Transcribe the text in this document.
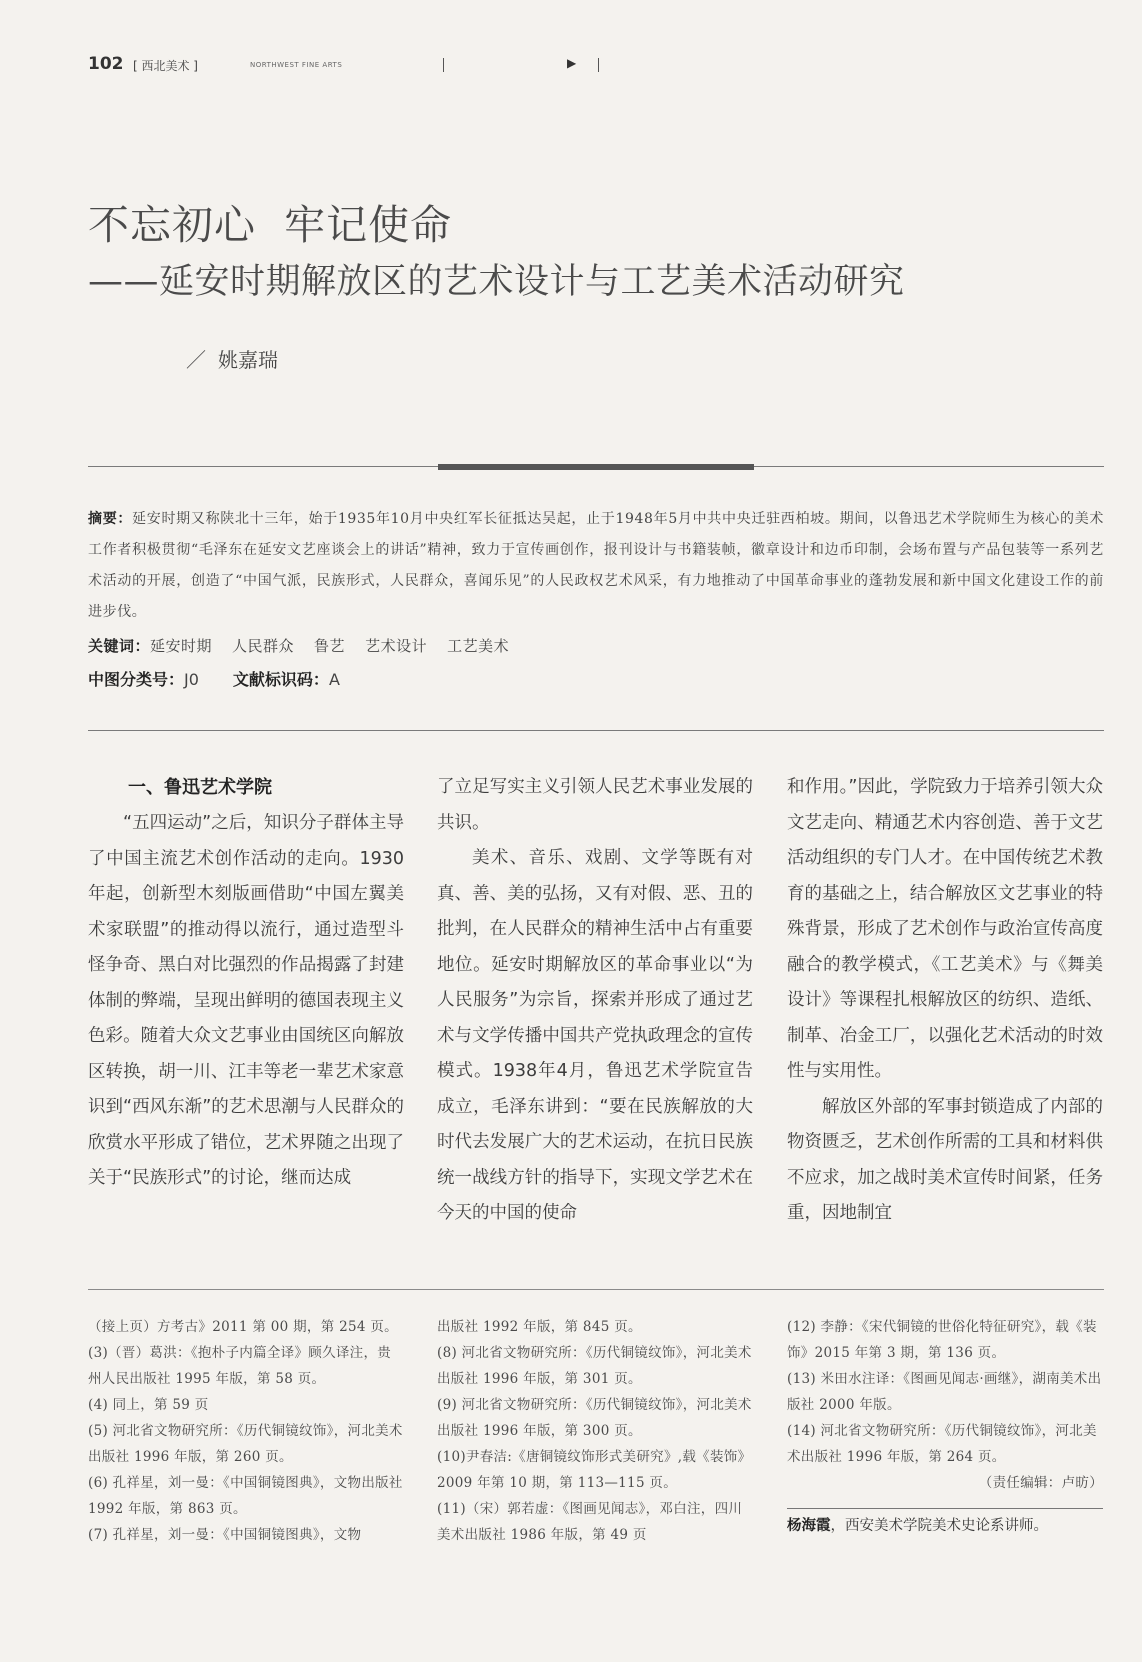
102 [ 西北美术 ]	NORTHWEST FINE ARTS	▶
不忘初心  牢记使命
——延安时期解放区的艺术设计与工艺美术活动研究
／ 姚嘉瑞
摘要：延安时期又称陕北十三年，始于1935年10月中央红军长征抵达吴起，止于1948年5月中共中央迁驻西柏坡。期间，以鲁迅艺术学院师生为核心的美术工作者积极贯彻“毛泽东在延安文艺座谈会上的讲话”精神，致力于宣传画创作，报刊设计与书籍装帧，徽章设计和边币印制，会场布置与产品包装等一系列艺术活动的开展，创造了“中国气派，民族形式，人民群众，喜闻乐见”的人民政权艺术风采，有力地推动了中国革命事业的蓬勃发展和新中国文化建设工作的前进步伐。
关键词：延安时期 人民群众 鲁艺 艺术设计 工艺美术
中图分类号：J0 文献标识码：A
一、鲁迅艺术学院

“五四运动”之后，知识分子群体主导了中国主流艺术创作活动的走向。1930年起，创新型木刻版画借助“中国左翼美术家联盟”的推动得以流行，通过造型斗怪争奇、黑白对比强烈的作品揭露了封建体制的弊端，呈现出鲜明的德国表现主义色彩。随着大众文艺事业由国统区向解放区转换，胡一川、江丰等老一辈艺术家意识到“西风东渐”的艺术思潮与人民群众的欣赏水平形成了错位，艺术界随之出现了关于“民族形式”的讨论，继而达成

了立足写实主义引领人民艺术事业发展的共识。

美术、音乐、戏剧、文学等既有对真、善、美的弘扬，又有对假、恶、丑的批判，在人民群众的精神生活中占有重要地位。延安时期解放区的革命事业以“为人民服务”为宗旨，探索并形成了通过艺术与文学传播中国共产党执政理念的宣传模式。1938年4月，鲁迅艺术学院宣告成立，毛泽东讲到：“要在民族解放的大时代去发展广大的艺术运动，在抗日民族统一战线方针的指导下，实现文学艺术在今天的中国的使命

和作用。”因此，学院致力于培养引领大众文艺走向、精通艺术内容创造、善于文艺活动组织的专门人才。在中国传统艺术教育的基础之上，结合解放区文艺事业的特殊背景，形成了艺术创作与政治宣传高度融合的教学模式，《工艺美术》与《舞美设计》等课程扎根解放区的纺织、造纸、制革、冶金工厂，以强化艺术活动的时效性与实用性。

解放区外部的军事封锁造成了内部的物资匮乏，艺术创作所需的工具和材料供不应求，加之战时美术宣传时间紧，任务重，因地制宜

（接上页）方考古》2011 第 00 期，第 254 页。
(3)（晋）葛洪：《抱朴子内篇全译》顾久译注，贵州人民出版社 1995 年版，第 58 页。
(4) 同上，第 59 页
(5) 河北省文物研究所：《历代铜镜纹饰》，河北美术出版社 1996 年版，第 260 页。
(6) 孔祥星，刘一曼：《中国铜镜图典》，文物出版社 1992 年版，第 863 页。
(7) 孔祥星，刘一曼：《中国铜镜图典》，文物
出版社 1992 年版，第 845 页。
(8) 河北省文物研究所：《历代铜镜纹饰》，河北美术出版社 1996 年版，第 301 页。
(9) 河北省文物研究所：《历代铜镜纹饰》，河北美术出版社 1996 年版，第 300 页。
(10)尹春洁:《唐铜镜纹饰形式美研究》,载《装饰》2009 年第 10 期，第 113—115 页。
(11)（宋）郭若虚：《图画见闻志》，邓白注，四川美术出版社 1986 年版，第 49 页
(12) 李静：《宋代铜镜的世俗化特征研究》，载《装饰》2015 年第 3 期，第 136 页。
(13) 米田水注译：《图画见闻志·画继》，湖南美术出版社 2000 年版。
(14) 河北省文物研究所：《历代铜镜纹饰》，河北美术出版社 1996 年版，第 264 页。
（责任编辑：卢昉）
杨海霞，西安美术学院美术史论系讲师。
